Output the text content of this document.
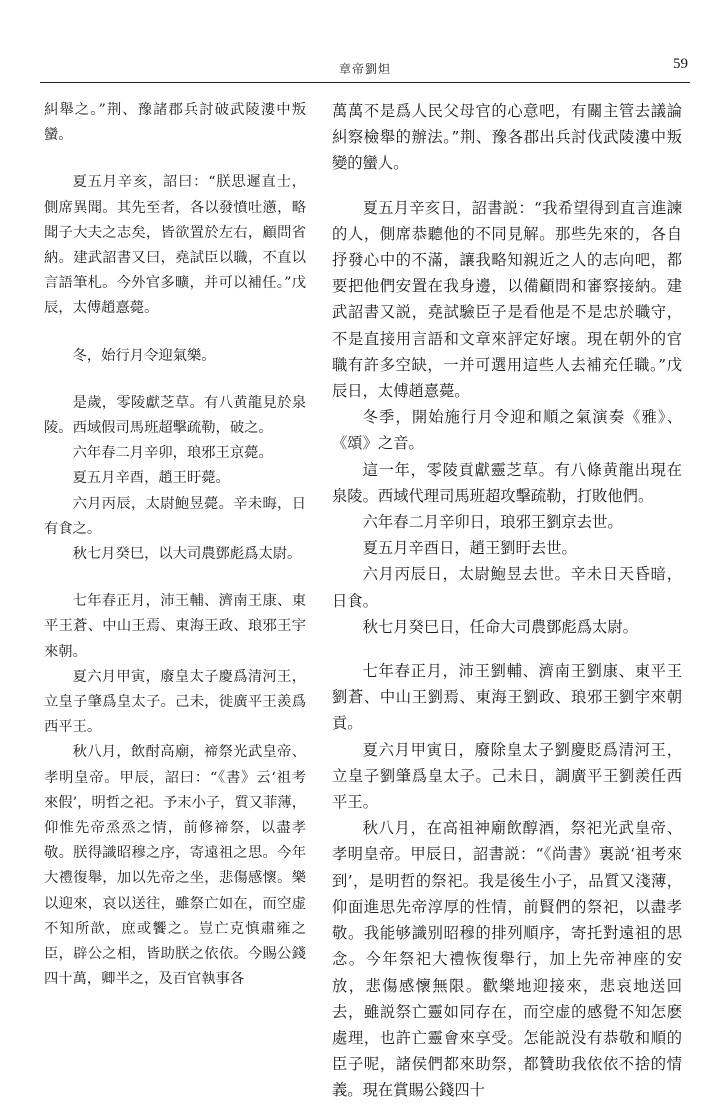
章帝劉炟	59

糾舉之。”荆、豫諸郡兵討破武陵漊中叛蠻。

夏五月辛亥，詔曰：“朕思遲直士，側席異聞。其先至者，各以發憤吐懣，略聞子大夫之志矣，皆欲置於左右，顧問省納。建武詔書又曰，堯試臣以職，不直以言語筆札。今外官多曠，并可以補任。”戊辰，太傅趙憙薨。

冬，始行月令迎氣樂。

是歲，零陵獻芝草。有八黄龍見於泉陵。西域假司馬班超擊疏勒，破之。

六年春二月辛卯，琅邪王京薨。

夏五月辛酉，趙王盱薨。

六月丙辰，太尉鮑昱薨。辛未晦，日有食之。

秋七月癸巳，以大司農鄧彪爲太尉。

七年春正月，沛王輔、濟南王康、東平王蒼、中山王焉、東海王政、琅邪王宇來朝。

夏六月甲寅，廢皇太子慶爲清河王，立皇子肇爲皇太子。己未，徙廣平王羨爲西平王。

秋八月，飲酎高廟，禘祭光武皇帝、孝明皇帝。甲辰，詔曰：“《書》云‘祖考來假’，明哲之祀。予末小子，質又菲薄，仰惟先帝烝烝之情，前修禘祭，以盡孝敬。朕得識昭穆之序，寄遠祖之思。今年大禮復舉，加以先帝之坐，悲傷感懷。樂以迎來，哀以送往，雖祭亡如在，而空虚不知所歆，庶或饗之。豈亡克慎肅雍之臣，辟公之相，皆助朕之依依。今賜公錢四十萬，卿半之，及百官執事各

萬萬不是爲人民父母官的心意吧，有關主管去議論糾察檢舉的辦法。”荆、豫各郡出兵討伐武陵漊中叛變的蠻人。

夏五月辛亥日，詔書説：“我希望得到直言進諫的人，側席恭聽他的不同見解。那些先來的，各自抒發心中的不滿，讓我略知親近之人的志向吧，都要把他們安置在我身邊，以備顧問和審察接納。建武詔書又説，堯試驗臣子是看他是不是忠於職守，不是直接用言語和文章來評定好壞。現在朝外的官職有許多空缺，一并可選用這些人去補充任職。”戊辰日，太傅趙憙薨。

冬季，開始施行月令迎和順之氣演奏《雅》、《頌》之音。

這一年，零陵貢獻靈芝草。有八條黄龍出現在泉陵。西域代理司馬班超攻擊疏勒，打敗他們。

六年春二月辛卯日，琅邪王劉京去世。

夏五月辛酉日，趙王劉盱去世。

六月丙辰日，太尉鮑昱去世。辛未日天昏暗，日食。

秋七月癸巳日，任命大司農鄧彪爲太尉。

七年春正月，沛王劉輔、濟南王劉康、東平王劉蒼、中山王劉焉、東海王劉政、琅邪王劉宇來朝貢。

夏六月甲寅日，廢除皇太子劉慶貶爲清河王，立皇子劉肇爲皇太子。己未日，調廣平王劉羨任西平王。

秋八月，在高祖神廟飲醇酒，祭祀光武皇帝、孝明皇帝。甲辰日，詔書説：“《尚書》裏説‘祖考來到’，是明哲的祭祀。我是後生小子，品質又淺薄，仰面進思先帝淳厚的性情，前賢們的祭祀，以盡孝敬。我能够識别昭穆的排列順序，寄托對遠祖的思念。今年祭祀大禮恢復舉行，加上先帝神座的安放，悲傷感懷無限。歡樂地迎接來，悲哀地送回去，雖説祭亡靈如同存在，而空虚的感覺不知怎麽處理，也許亡靈會來享受。怎能説没有恭敬和順的臣子呢，諸侯們都來助祭，都贊助我依依不捨的情義。現在賞賜公錢四十
